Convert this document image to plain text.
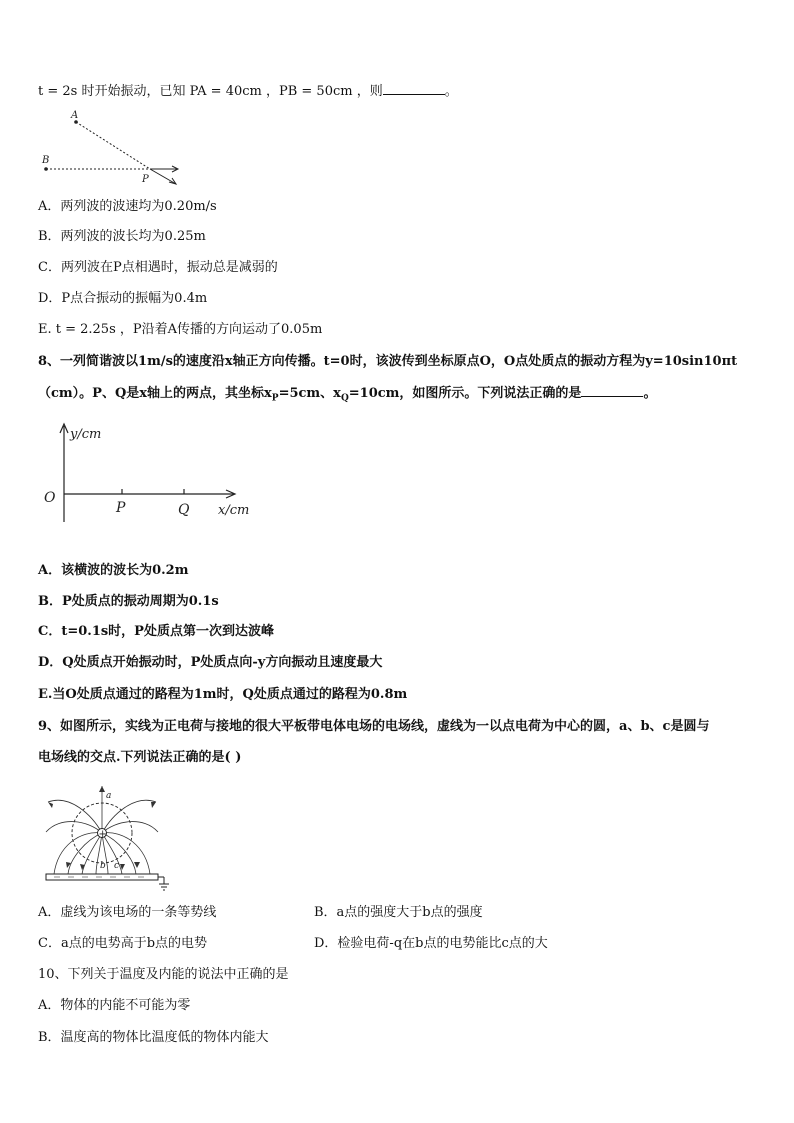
t = 2s 时开始振动，已知 PA = 40cm ，PB = 50cm ，则	。
A
B
P
A．两列波的波速均为0.20m/s
B．两列波的波长均为0.25m
C．两列波在P点相遇时，振动总是减弱的
D．P点合振动的振幅为0.4m
E. t = 2.25s ，P沿着A传播的方向运动了0.05m
8、一列简谐波以1m/s的速度沿x轴正方向传播。t=0时，该波传到坐标原点O，O点处质点的振动方程为y=10sin10πt
（cm）。P、Q是x轴上的两点，其坐标$x_P=5cm$、$x_Q=10cm$，如图所示。下列说法正确的是	。
y/cm
O
P	Q x/cm
A．该横波的波长为0.2m
B．P处质点的振动周期为0.1s
C．t=0.1s时，P处质点第一次到达波峰
D．Q处质点开始振动时，P处质点向-y方向振动且速度最大
E.当O处质点通过的路程为1m时，Q处质点通过的路程为0.8m
9、如图所示，实线为正电荷与接地的很大平板带电体电场的电场线，虚线为一以点电荷为中心的圆，a、b、c是圆与
电场线的交点.下列说法正确的是( )
+
a
b c
A．虚线为该电场的一条等势线	B．a点的强度大于b点的强度
C．a点的电势高于b点的电势	D．检验电荷-q在b点的电势能比c点的大
10、下列关于温度及内能的说法中正确的是
A．物体的内能不可能为零
B．温度高的物体比温度低的物体内能大
